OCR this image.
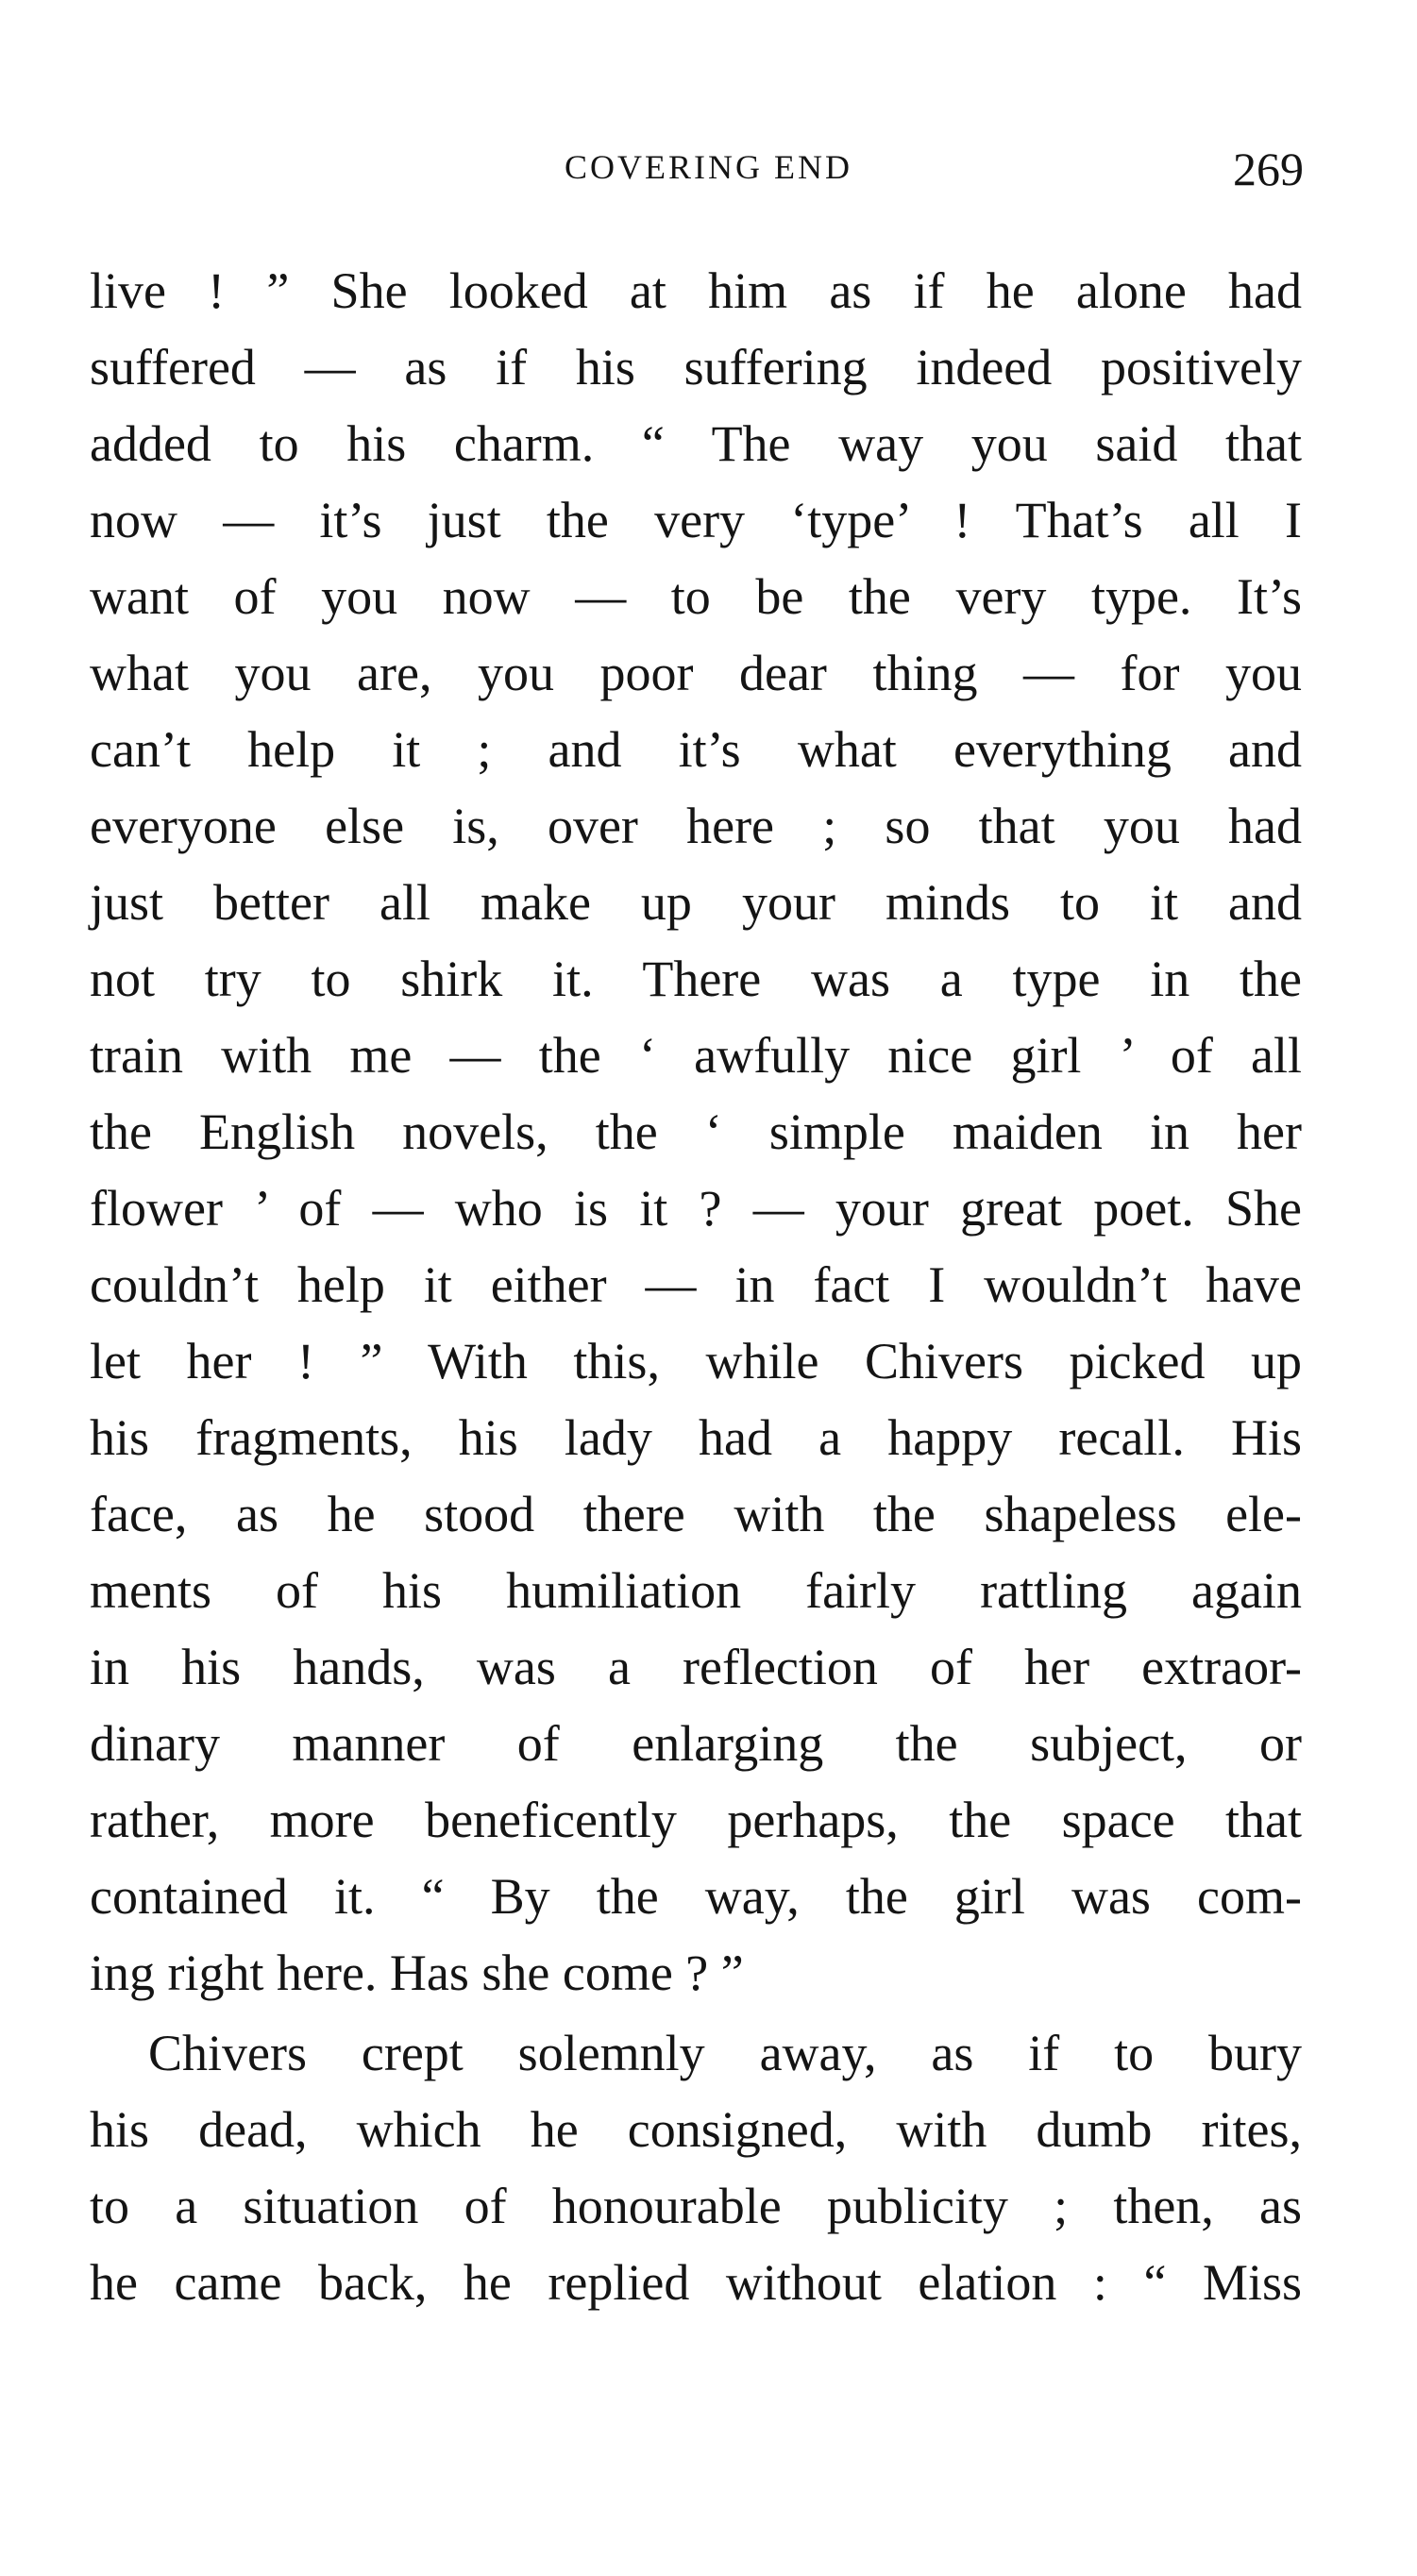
COVERING END	269
live ! ” She looked at him as if he alone had
suffered — as if his suffering indeed positively
added to his charm. “ The way you said that
now — it’s just the very ‘type’ ! That’s all I
want of you now — to be the very type. It’s
what you are, you poor dear thing — for you
can’t help it ; and it’s what everything and
everyone else is, over here ; so that you had
just better all make up your minds to it and
not try to shirk it. There was a type in the
train with me — the ‘ awfully nice girl ’ of all
the English novels, the ‘ simple maiden in her
flower ’ of — who is it ? — your great poet. She
couldn’t help it either — in fact I wouldn’t have
let her ! ” With this, while Chivers picked up
his fragments, his lady had a happy recall. His
face, as he stood there with the shapeless ele-
ments of his humiliation fairly rattling again
in his hands, was a reflection of her extraor-
dinary manner of enlarging the subject, or
rather, more beneficently perhaps, the space that
contained it. “ By the way, the girl was com-
ing right here. Has she come ? ”
Chivers crept solemnly away, as if to bury
his dead, which he consigned, with dumb rites,
to a situation of honourable publicity ; then, as
he came back, he replied without elation : “ Miss
